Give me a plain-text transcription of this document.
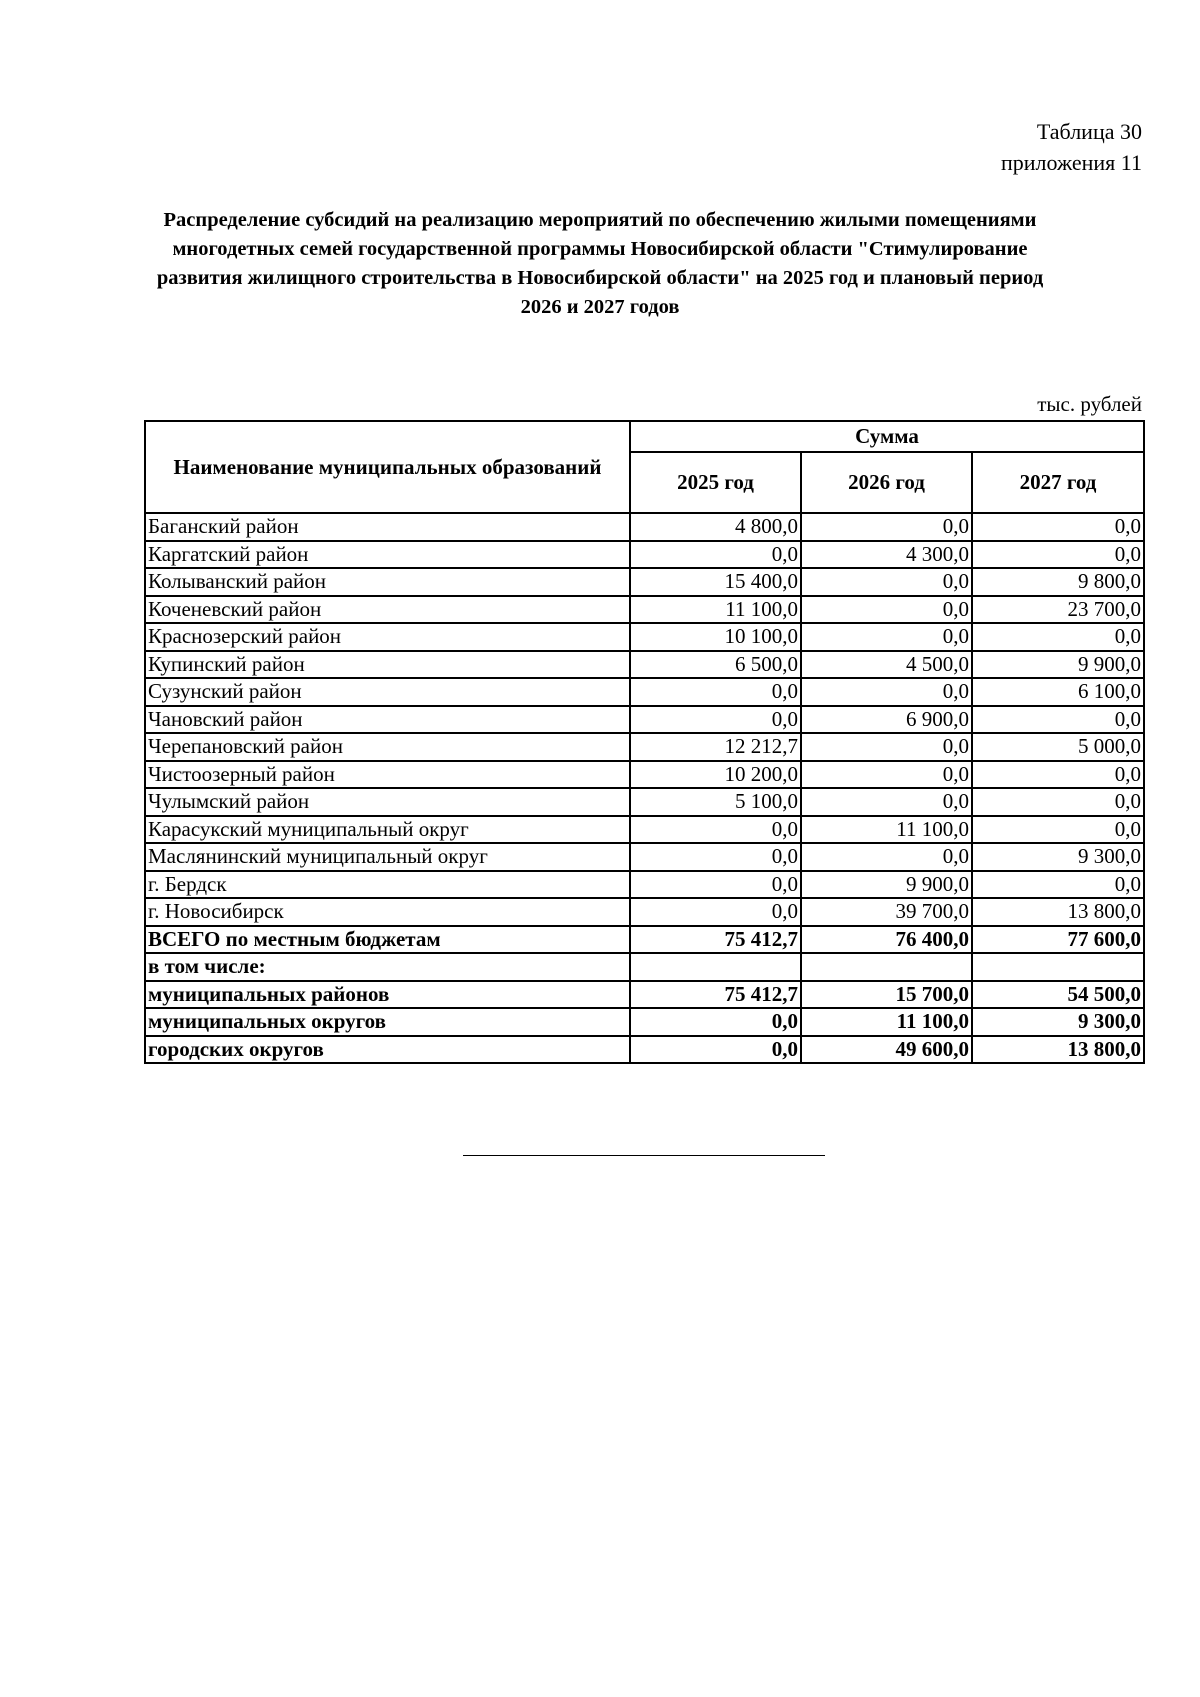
Таблица 30
приложения 11
Распределение субсидий на реализацию мероприятий по обеспечению жилыми помещениями многодетных семей государственной программы Новосибирской области "Стимулирование развития жилищного строительства в Новосибирской области" на 2025 год и плановый период 2026 и 2027 годов
тыс. рублей
Наименование муниципальных образований	Сумма		
	2025 год	2026 год	2027 год
Баганский район	4 800,0	0,0	0,0
Каргатский район	0,0	4 300,0	0,0
Колыванский район	15 400,0	0,0	9 800,0
Коченевский район	11 100,0	0,0	23 700,0
Краснозерский район	10 100,0	0,0	0,0
Купинский район	6 500,0	4 500,0	9 900,0
Сузунский район	0,0	0,0	6 100,0
Чановский район	0,0	6 900,0	0,0
Черепановский район	12 212,7	0,0	5 000,0
Чистоозерный район	10 200,0	0,0	0,0
Чулымский район	5 100,0	0,0	0,0
Карасукский муниципальный округ	0,0	11 100,0	0,0
Маслянинский муниципальный округ	0,0	0,0	9 300,0
г. Бердск	0,0	9 900,0	0,0
г. Новосибирск	0,0	39 700,0	13 800,0
ВСЕГО по местным бюджетам	75 412,7	76 400,0	77 600,0
в том числе:			
муниципальных районов	75 412,7	15 700,0	54 500,0
муниципальных округов	0,0	11 100,0	9 300,0
городских округов	0,0	49 600,0	13 800,0
